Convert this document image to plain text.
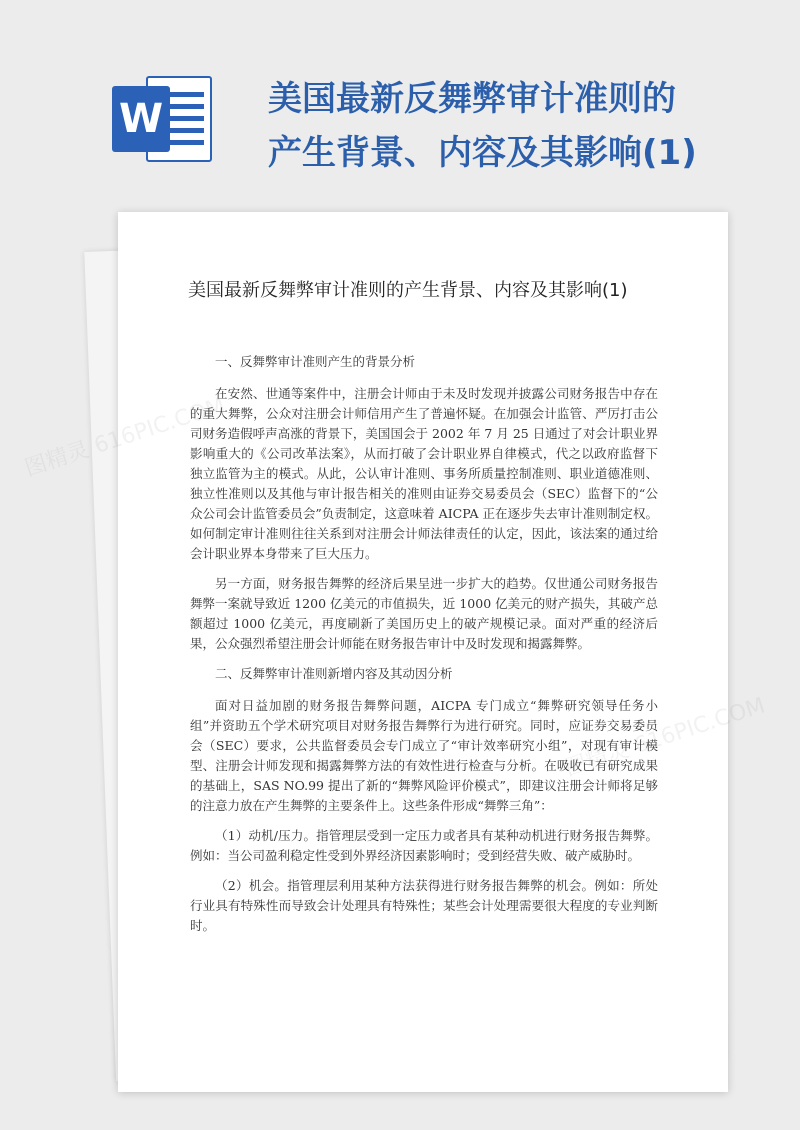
W	美国最新反舞弊审计准则的产生背景、内容及其影响(1)
美国最新反舞弊审计准则的产生背景、内容及其影响(1)

一、反舞弊审计准则产生的背景分析

在安然、世通等案件中，注册会计师由于未及时发现并披露公司财务报告中存在的重大舞弊，公众对注册会计师信用产生了普遍怀疑。在加强会计监管、严厉打击公司财务造假呼声高涨的背景下，美国国会于 2002 年 7 月 25 日通过了对会计职业界影响重大的《公司改革法案》，从而打破了会计职业界自律模式，代之以政府监督下独立监管为主的模式。从此，公认审计准则、事务所质量控制准则、职业道德准则、独立性准则以及其他与审计报告相关的准则由证券交易委员会（SEC）监督下的“公众公司会计监管委员会”负责制定，这意味着 AICPA 正在逐步失去审计准则制定权。如何制定审计准则往往关系到对注册会计师法律责任的认定，因此，该法案的通过给会计职业界本身带来了巨大压力。

另一方面，财务报告舞弊的经济后果呈进一步扩大的趋势。仅世通公司财务报告舞弊一案就导致近 1200 亿美元的市值损失，近 1000 亿美元的财产损失，其破产总额超过 1000 亿美元，再度刷新了美国历史上的破产规模记录。面对严重的经济后果，公众强烈希望注册会计师能在财务报告审计中及时发现和揭露舞弊。

二、反舞弊审计准则新增内容及其动因分析

面对日益加剧的财务报告舞弊问题，AICPA 专门成立“舞弊研究领导任务小组”并资助五个学术研究项目对财务报告舞弊行为进行研究。同时，应证券交易委员会（SEC）要求，公共监督委员会专门成立了“审计效率研究小组”，对现有审计模型、注册会计师发现和揭露舞弊方法的有效性进行检查与分析。在吸收已有研究成果的基础上，SAS NO.99 提出了新的“舞弊风险评价模式”，即建议注册会计师将足够的注意力放在产生舞弊的主要条件上。这些条件形成“舞弊三角”：

（1）动机/压力。指管理层受到一定压力或者具有某种动机进行财务报告舞弊。例如：当公司盈利稳定性受到外界经济因素影响时；受到经营失败、破产威胁时。

（2）机会。指管理层利用某种方法获得进行财务报告舞弊的机会。例如：所处行业具有特殊性而导致会计处理具有特殊性；某些会计处理需要很大程度的专业判断时。

图精灵
